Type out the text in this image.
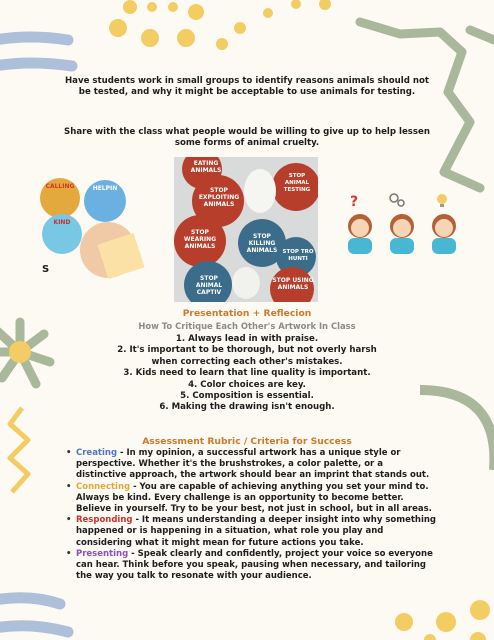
Have students work in small groups to identify reasons animals should not be tested, and why it might be acceptable to use animals for testing.
Share with the class what people would be willing to give up to help lessen some forms of animal cruelty.
CALLING	HELPIN
KIND
S
EATING ANIMALS
STOP EXPLOITING ANIMALS
STOP ANIMAL TESTING
STOP WEARING ANIMALS
STOP KILLING ANIMALS STOP TRO HUNTI
STOP ANIMAL CAPTIV
STOP USING ANIMALS
?
Presentation + Reflecion
How To Critique Each Other's Artwork In Class
1. Always lead in with praise.
2. It's important to be thorough, but not overly harsh when correcting each other's mistakes.
3. Kids need to learn that line quality is important.
4. Color choices are key.
5. Composition is essential.
6. Making the drawing isn't enough.
Assessment Rubric / Criteria for Success
• Creating - In my opinion, a successful artwork has a unique style or perspective. Whether it's the brushstrokes, a color palette, or a distinctive approach, the artwork should bear an imprint that stands out.
• Connecting - You are capable of achieving anything you set your mind to. Always be kind. Every challenge is an opportunity to become better. Believe in yourself. Try to be your best, not just in school, but in all areas.
• Responding - It means understanding a deeper insight into why something happened or is happening in a situation, what role you play and considering what it might mean for future actions you take.
• Presenting - Speak clearly and confidently, project your voice so everyone can hear. Think before you speak, pausing when necessary, and tailoring the way you talk to resonate with your audience.
